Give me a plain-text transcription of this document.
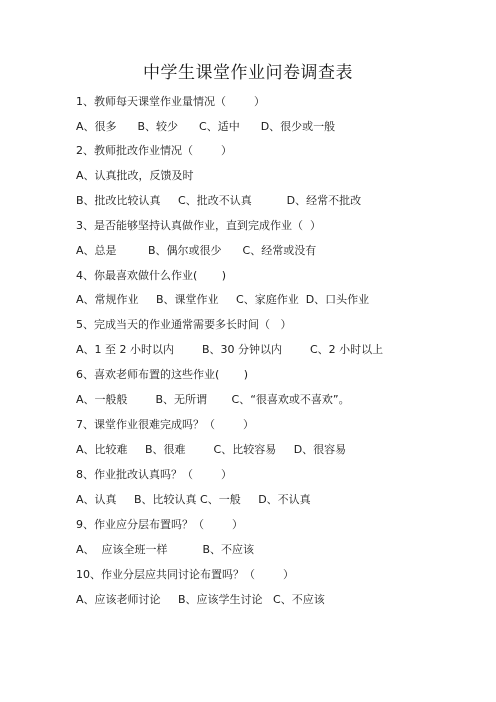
中学生课堂作业问卷调查表
1、教师每天课堂作业量情况（        ）
A、很多      B、较少      C、适中      D、很少或一般
2、教师批改作业情况（        ）
A、认真批改，反馈及时
B、批改比较认真     C、批改不认真          D、经常不批改
3、是否能够坚持认真做作业，直到完成作业（  ）
A、总是         B、偶尔或很少      C、经常或没有
4、你最喜欢做什么作业(       )
A、常规作业     B、课堂作业     C、家庭作业  D、口头作业
5、完成当天的作业通常需要多长时间（   ）
A、1 至 2 小时以内        B、30 分钟以内        C、2 小时以上
6、喜欢老师布置的这些作业(       )
A、一般般        B、无所谓       C、“很喜欢或不喜欢”。
7、课堂作业很难完成吗？（        ）
A、比较难     B、很难        C、比较容易     D、很容易
8、作业批改认真吗？（        ）
A、认真     B、比较认真 C、一般     D、不认真
9、作业应分层布置吗？（        ）
A、  应该全班一样          B、不应该
10、作业分层应共同讨论布置吗？（        ）
A、应该老师讨论     B、应该学生讨论   C、不应该
